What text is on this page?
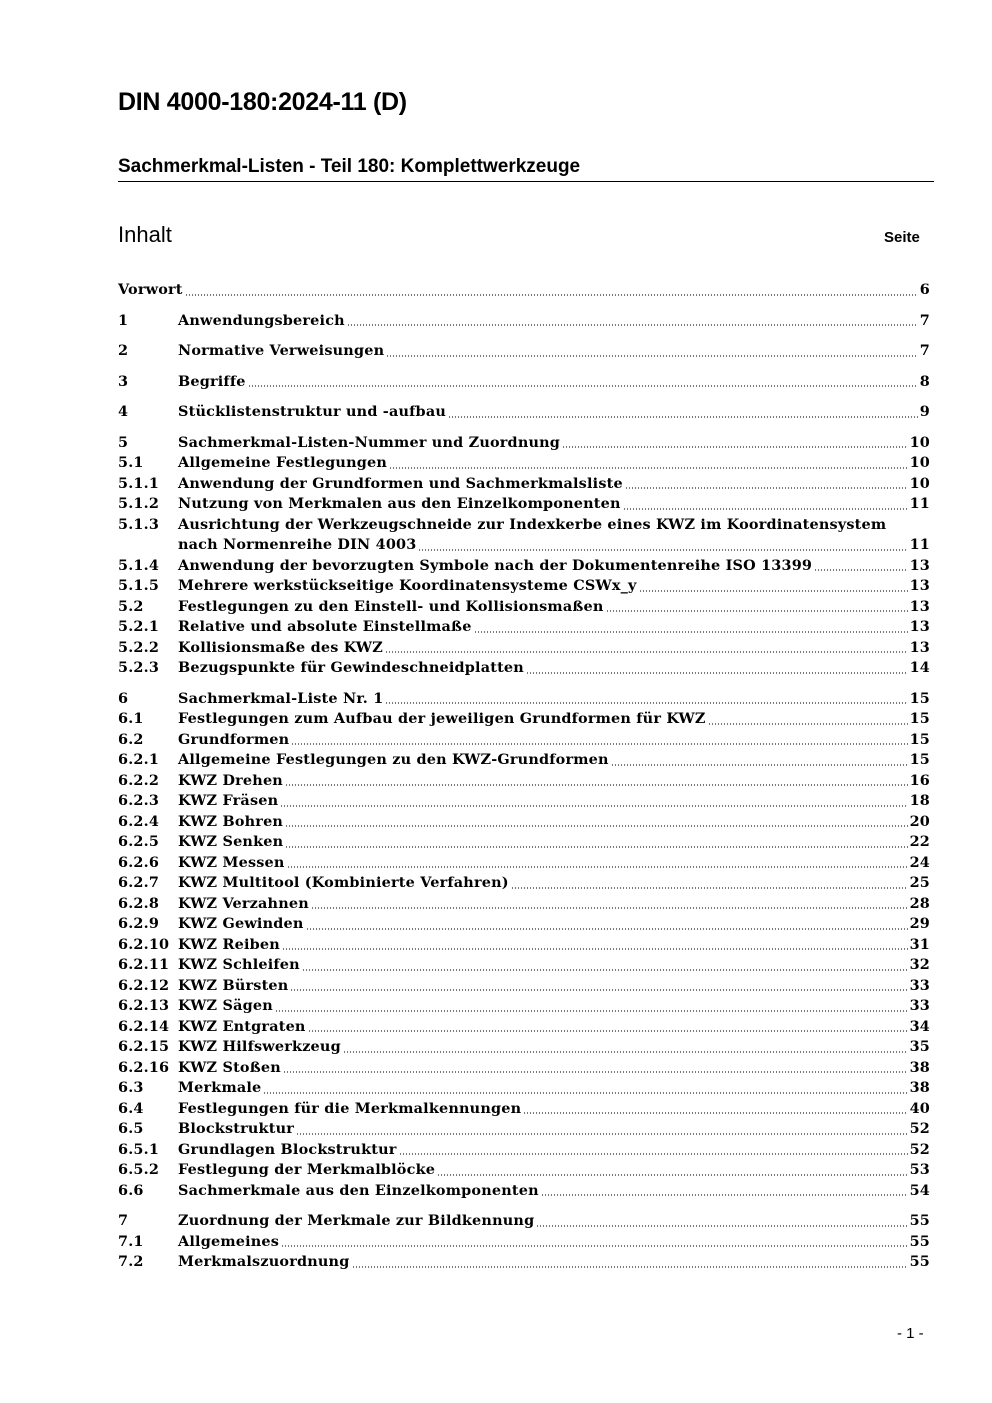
DIN 4000-180:2024-11 (D)
Sachmerkmal-Listen - Teil 180: Komplettwerkzeuge
Inhalt	Seite
Vorwort	6
1	Anwendungsbereich	7
2	Normative Verweisungen	7
3	Begriffe	8
4	Stücklistenstruktur und -aufbau	9
5	Sachmerkmal-Listen-Nummer und Zuordnung	10
5.1	Allgemeine Festlegungen	10
5.1.1	Anwendung der Grundformen und Sachmerkmalsliste	10
5.1.2	Nutzung von Merkmalen aus den Einzelkomponenten	11
5.1.3	Ausrichtung der Werkzeugschneide zur Indexkerbe eines KWZ im Koordinatensystem
nach Normenreihe DIN 4003	11
5.1.4	Anwendung der bevorzugten Symbole nach der Dokumentenreihe ISO 13399	13
5.1.5	Mehrere werkstückseitige Koordinatensysteme CSWx_y	13
5.2	Festlegungen zu den Einstell- und Kollisionsmaßen	13
5.2.1	Relative und absolute Einstellmaße	13
5.2.2	Kollisionsmaße des KWZ	13
5.2.3	Bezugspunkte für Gewindeschneidplatten	14
6	Sachmerkmal-Liste Nr. 1	15
6.1	Festlegungen zum Aufbau der jeweiligen Grundformen für KWZ	15
6.2	Grundformen	15
6.2.1	Allgemeine Festlegungen zu den KWZ-Grundformen	15
6.2.2	KWZ Drehen	16
6.2.3	KWZ Fräsen	18
6.2.4	KWZ Bohren	20
6.2.5	KWZ Senken	22
6.2.6	KWZ Messen	24
6.2.7	KWZ Multitool (Kombinierte Verfahren)	25
6.2.8	KWZ Verzahnen	28
6.2.9	KWZ Gewinden	29
6.2.10 KWZ Reiben	31
6.2.11 KWZ Schleifen	32
6.2.12 KWZ Bürsten	33
6.2.13 KWZ Sägen	33
6.2.14 KWZ Entgraten	34
6.2.15 KWZ Hilfswerkzeug	35
6.2.16 KWZ Stoßen	38
6.3	Merkmale	38
6.4	Festlegungen für die Merkmalkennungen	40
6.5	Blockstruktur	52
6.5.1	Grundlagen Blockstruktur	52
6.5.2	Festlegung der Merkmalblöcke	53
6.6	Sachmerkmale aus den Einzelkomponenten	54
7	Zuordnung der Merkmale zur Bildkennung	55
7.1	Allgemeines	55
7.2	Merkmalszuordnung	55
- 1 -
